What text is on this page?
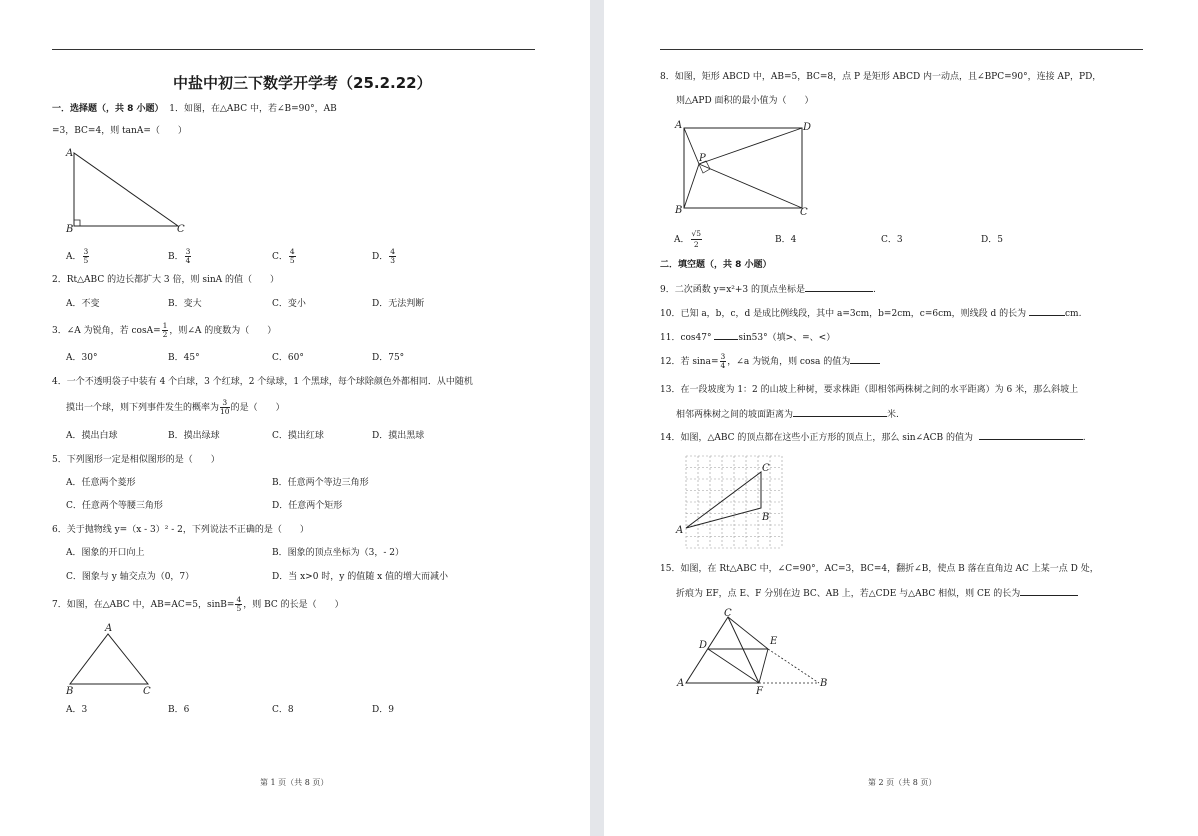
中盐中初三下数学开学考（25.2.22）
一．选择题（，共 8 小题） 1．如图，在△ABC 中，若∠B=90°，AB
=3，BC=4，则 tanA=（　　）
A
B	C
A． $\frac{3}{5}$	B． $\frac{3}{4}$	C． $\frac{4}{5}$	D． $\frac{4}{3}$
2．Rt△ABC 的边长都扩大 3 倍，则 sinA 的值（　　）
A．不变	B．变大	C．变小	D．无法判断
3．∠A 为锐角，若 $\cos A= \frac{1}{2}$ ，则∠A 的度数为（　　）
A．30°	B．45°	C．60°	D．75°
4．一个不透明袋子中装有 4 个白球，3 个红球，2 个绿球，1 个黑球，每个球除颜色外都相同．从中随机
摸出一个球，则下列事件发生的概率为 $\frac{3}{10}$ 的是（　　）
A．摸出白球	B．摸出绿球	C．摸出红球	D．摸出黑球
5．下列图形一定是相似图形的是（　　）
A．任意两个菱形	B．任意两个等边三角形
C．任意两个等腰三角形	D．任意两个矩形
6．关于抛物线 y=（x - 3）² - 2，下列说法不正确的是（　　）
A．图象的开口向上	B．图象的顶点坐标为（3，- 2）
C．图象与 y 轴交点为（0，7）	D．当 x>0 时，y 的值随 x 值的增大而减小
7．如图，在△ABC 中，AB=AC=5，$\sin B= \frac{4}{5}$ ，则 BC 的长是（　　）
A
B	C
A．3	B．6	C．8	D．9
第 1 页（共 8 页）
8．如图，矩形 ABCD 中，AB=5，BC=8，点 P 是矩形 ABCD 内一动点，且∠BPC=90°，连接 AP，PD，
则△APD 面积的最小值为（　　）
A
B	C
D
P
A． $\frac{√5}{2}$	B．4	C．3	D．5
二．填空题（，共 8 小题）
9．二次函数 y=x²+3 的顶点坐标是	.
10．已知 a，b，c，d 是成比例线段，其中 a=3cm，b=2cm，c=6cm，则线段 d 的长为	cm.
11．cos47°	sin53°（填>、=、<）
12．若 $\sin a= \frac{3}{4}$ ，∠a 为锐角，则 cosa 的值为
13．在一段坡度为 1：2 的山坡上种树，要求株距（即相邻两株树之间的水平距离）为 6 米，那么斜坡上
相邻两株树之间的坡面距离为	米.
14．如图，△ABC 的顶点都在这些小正方形的顶点上，那么 sin∠ACB 的值为	.
A
B
C
15．如图，在 Rt△ABC 中，∠C=90°，AC=3，BC=4，翻折∠B，使点 B 落在直角边 AC 上某一点 D 处，
折痕为 EF，点 E、F 分别在边 BC、AB 上，若△CDE 与△ABC 相似，则 CE 的长为
A	B
C
D	E
F
第 2 页（共 8 页）
